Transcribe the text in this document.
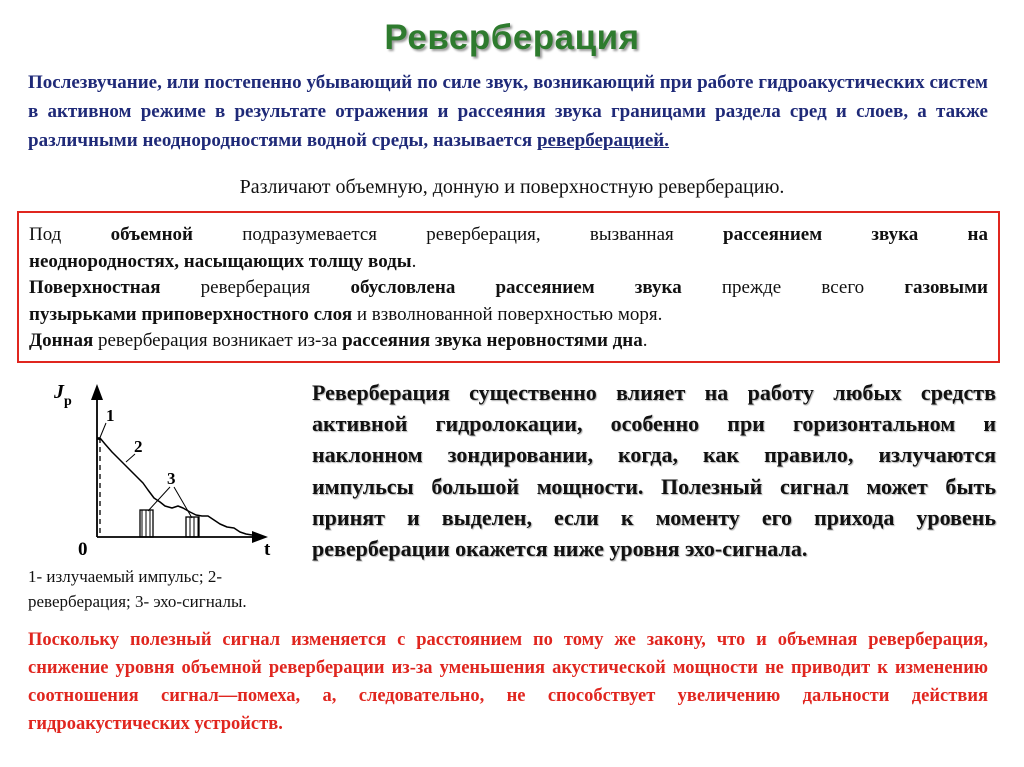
Реверберация
Послезвучание, или постепенно убывающий по силе звук, возникающий при работе гидроакустических систем в активном режиме в результате отражения и рассеяния звука границами раздела сред и слоев, а также различными неоднородностями водной среды, называется реверберацией.
Различают объемную, донную и поверхностную реверберацию.

Под объемной подразумевается реверберация, вызванная рассеянием звука на

неоднородностях, насыщающих толщу воды.

Поверхностная реверберация обусловлена рассеянием звука прежде всего газовыми

пузырьками приповерхностного слоя и взволнованной поверхностью моря.

Донная реверберация возникает из-за рассеяния звука неровностями дна.

J р
1
2
3
0	t
1- излучаемый импульс; 2-реверберация; 3- эхо-сигналы.

Реверберация существенно влияет на работу любых средств активной гидролокации, особенно при горизонтальном и наклонном зондировании, когда, как правило, излучаются импульсы большой мощности. Полезный сигнал может быть принят и выделен, если к моменту его прихода уровень реверберации окажется ниже уровня эхо-сигнала.

Поскольку полезный сигнал изменяется с расстоянием по тому же закону, что и объемная реверберация, снижение уровня объемной реверберации из-за уменьшения акустической мощности не приводит к изменению соотношения сигнал—помеха, а, следовательно, не способствует увеличению дальности действия гидроакустических устройств.
